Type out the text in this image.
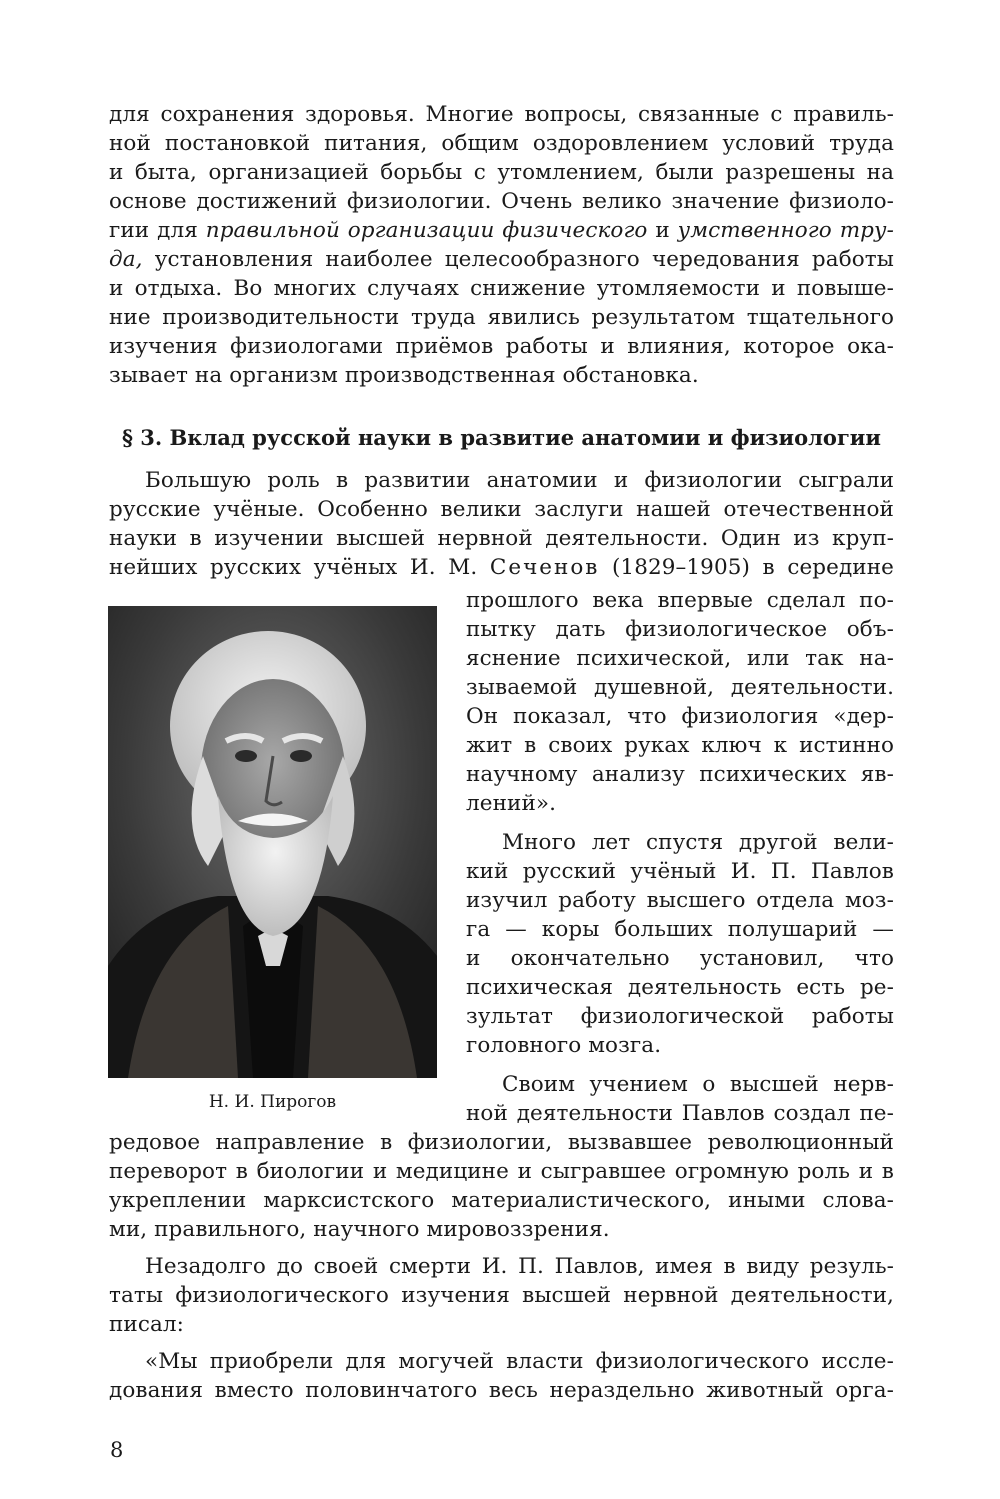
для сохранения здоровья. Многие вопросы, связанные с правиль-
ной постановкой питания, общим оздоровлением условий труда
и быта, организацией борьбы с утомлением, были разрешены на
основе достижений физиологии. Очень велико значение физиоло-
гии для правильной организации физического и умственного тру-
да, установления наиболее целесообразного чередования работы
и отдыха. Во многих случаях снижение утомляемости и повыше-
ние производительности труда явились результатом тщательного
изучения физиологами приёмов работы и влияния, которое ока-
зывает на организм производственная обстановка.
§ 3. Вклад русской науки в развитие анатомии и физиологии
Большую роль в развитии анатомии и физиологии сыграли
русские учёные. Особенно велики заслуги нашей отечественной
науки в изучении высшей нервной деятельности. Один из круп-
нейших русских учёных И. М. Сеченов (1829–1905) в середине
прошлого века впервые сделал по-
пытку дать физиологическое объ-
яснение психической, или так на-
зываемой душевной, деятельности.
Он показал, что физиология «дер-
жит в своих руках ключ к истинно
научному анализу психических яв-
лений».
Много лет спустя другой вели-
кий русский учёный И. П. Павлов
изучил работу высшего отдела моз-
га — коры больших полушарий —
и окончательно установил, что
психическая деятельность есть ре-
зультат физиологической работы
головного мозга.
Своим учением о высшей нерв-
ной деятельности Павлов создал пе-
редовое направление в физиологии, вызвавшее революционный
переворот в биологии и медицине и сыгравшее огромную роль и в
укреплении марксистского материалистического, иными слова-
ми, правильного, научного мировоззрения.
Незадолго до своей смерти И. П. Павлов, имея в виду резуль-
таты физиологического изучения высшей нервной деятельности,
писал:
«Мы приобрели для могучей власти физиологического иссле-
дования вместо половинчатого весь нераздельно животный орга-
Н. И. Пирогов
8
